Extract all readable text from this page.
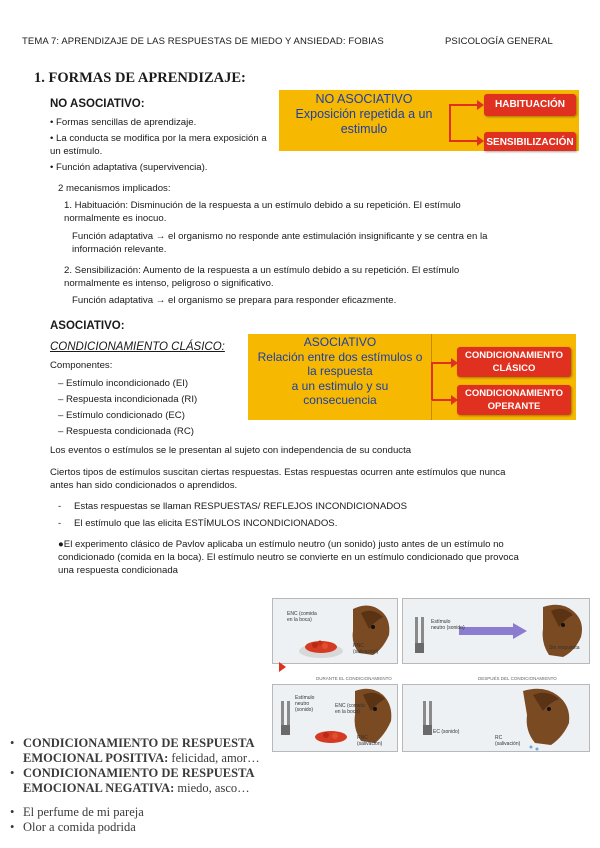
TEMA 7: APRENDIZAJE DE LAS RESPUESTAS DE MIEDO Y ANSIEDAD: FOBIAS	PSICOLOGÍA GENERAL
1. FORMAS DE APRENDIZAJE:
NO ASOCIATIVO:
• Formas sencillas de aprendizaje.
• La conducta se modifica por la mera exposición a un estímulo.
• Función adaptativa (supervivencia).
NO ASOCIATIVO
Exposición repetida a un
estimulo
HABITUACIÓN
SENSIBILIZACIÓN
2 mecanismos implicados:
1. Habituación: Disminución de la respuesta a un estímulo debido a su repetición. El estímulo normalmente es inocuo.
Función adaptativa → el organismo no responde ante estimulación insignificante y se centra en la información relevante.
2. Sensibilización: Aumento de la respuesta a un estímulo debido a su repetición. El estímulo normalmente es intenso, peligroso o significativo.
Función adaptativa → el organismo se prepara para responder eficazmente.
ASOCIATIVO:
CONDICIONAMIENTO CLÁSICO:
Componentes:
– Estímulo incondicionado (EI)
– Respuesta incondicionada (RI)
– Estímulo condicionado (EC)
– Respuesta condicionada (RC)
ASOCIATIVO
Relación entre dos estímulos o
la respuesta
a un estimulo y su
consecuencia
CONDICIONAMIENTO
CLÁSICO
CONDICIONAMIENTO
OPERANTE
Los eventos o estímulos se le presentan al sujeto con independencia de su conducta
Ciertos tipos de estímulos suscitan ciertas respuestas. Estas respuestas ocurren ante estímulos que nunca antes han sido condicionados o aprendidos.
- Estas respuestas se llaman RESPUESTAS/ REFLEJOS INCONDICIONADOS
- El estímulo que las elicita ESTÍMULOS INCONDICIONADOS.
●El experimento clásico de Pavlov aplicaba un estímulo neutro (un sonido) justo antes de un estímulo no condicionado (comida en la boca). El estímulo neutro se convierte en un estímulo condicionado que provoca una respuesta condicionada
ENC (comida en la boca)
RNC (salivación)
Estímulo neutro (sonido)
Sin respuesta
DURANTE EL CONDICIONAMIENTO	DESPUÉS DEL CONDICIONAMIENTO
Estímulo neutro (sonido)
ENC (comida en la boca)
RNC (salivación)
EC (sonido)
RC (salivación)
• CONDICIONAMIENTO DE RESPUESTA
EMOCIONAL POSITIVA: felicidad, amor…
• CONDICIONAMIENTO DE RESPUESTA
EMOCIONAL NEGATIVA: miedo, asco…
• El perfume de mi pareja
• Olor a comida podrida
